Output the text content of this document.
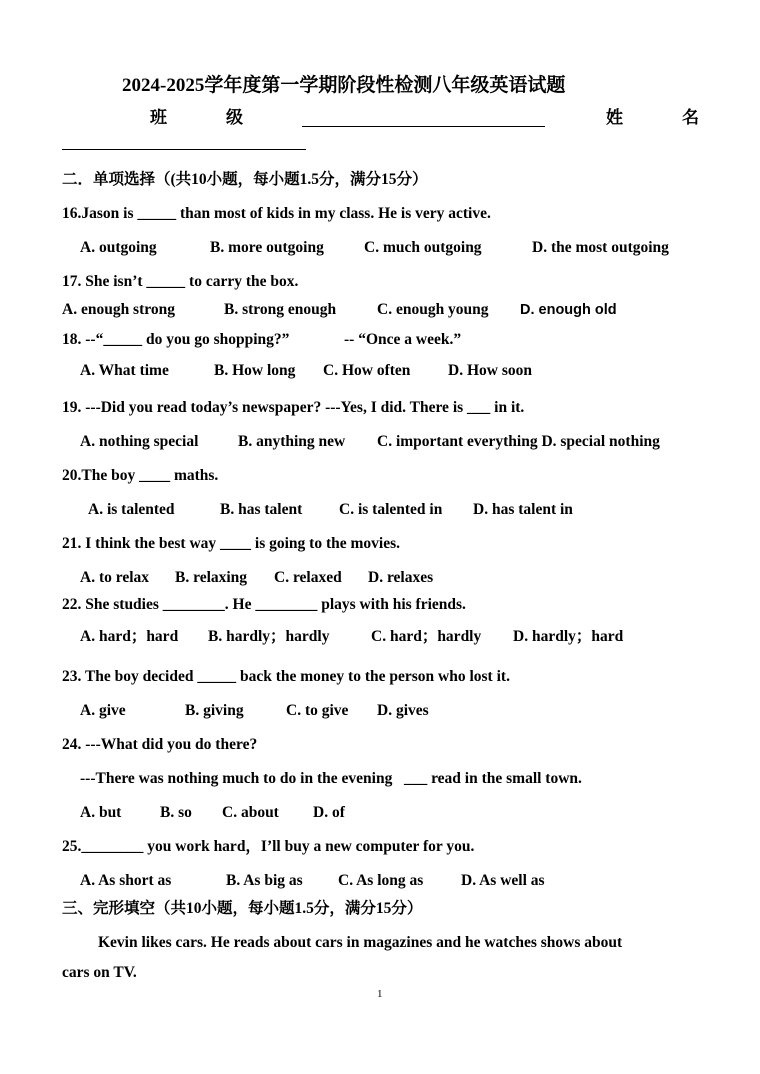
2024-2025学年度第一学期阶段性检测八年级英语试题
班	级	姓	名
二．单项选择（(共10小题，每小题1.5分，满分15分）
16.Jason is _____ than most of kids in my class. He is very active.
A. outgoing	B. more outgoing	C. much outgoing	D. the most outgoing
17. She isn’t _____ to carry the box.
A. enough strong	B. strong enough	C. enough young D. enough old
18. --“_____ do you go shopping?”	-- “Once a week.”
A. What time	B. How long C. How often D. How soon
19. ---Did you read today’s newspaper? ---Yes, I did. There is ___ in it.
A. nothing special	B. anything new C. important everything D. special nothing
20.The boy ____ maths.
A. is talented	B. has talent C. is talented in D. has talent in
21. I think the best way ____ is going to the movies.
A. to relax B. relaxing C. relaxed D. relaxes
22. She studies ________. He ________ plays with his friends.
A. hard；hard B. hardly；hardly	C. hard；hardly D. hardly；hard
23. The boy decided _____ back the money to the person who lost it.
A. give	B. giving	C. to give D. gives
24. ---What did you do there?
---There was nothing much to do in the evening   ___ read in the small town.
A. but B. so C. about D. of
25.________ you work hard，I’ll buy a new computer for you.
A. As short as	B. As big as C. As long as D. As well as
三、完形填空（共10小题，每小题1.5分，满分15分）
Kevin likes cars. He reads about cars in magazines and he watches shows about
cars on TV.
1
